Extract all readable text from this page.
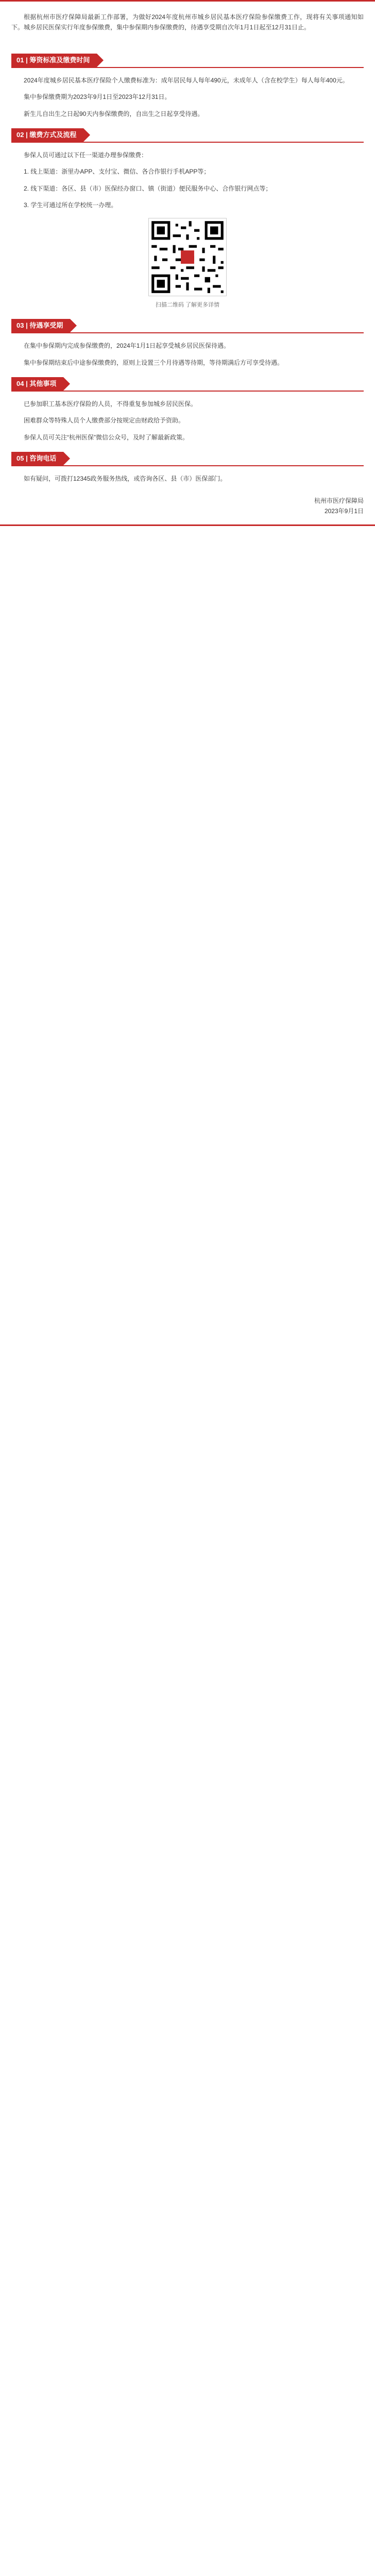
根据杭州市医疗保障局最新工作部署，为做好2024年度杭州市城乡居民基本医疗保险参保缴费工作，现将有关事项通知如下。城乡居民医保实行年度参保缴费，集中参保期内参保缴费的，待遇享受期自次年1月1日起至12月31日止。

01 | 筹资标准及缴费时间

2024年度城乡居民基本医疗保险个人缴费标准为：成年居民每人每年490元，未成年人（含在校学生）每人每年400元。

集中参保缴费期为2023年9月1日至2023年12月31日。

新生儿自出生之日起90天内参保缴费的，自出生之日起享受待遇。

02 | 缴费方式及流程

参保人员可通过以下任一渠道办理参保缴费：

1. 线上渠道：浙里办APP、支付宝、微信、各合作银行手机APP等；

2. 线下渠道：各区、县（市）医保经办窗口、镇（街道）便民服务中心、合作银行网点等；

3. 学生可通过所在学校统一办理。

扫描二维码 了解更多详情
03 | 待遇享受期

在集中参保期内完成参保缴费的，2024年1月1日起享受城乡居民医保待遇。

集中参保期结束后中途参保缴费的，原则上设置三个月待遇等待期，等待期满后方可享受待遇。

04 | 其他事项

已参加职工基本医疗保险的人员，不得重复参加城乡居民医保。

困难群众等特殊人员个人缴费部分按规定由财政给予资助。

参保人员可关注“杭州医保”微信公众号，及时了解最新政策。

05 | 咨询电话

如有疑问，可拨打12345政务服务热线，或咨询各区、县（市）医保部门。

杭州市医疗保障局
2023年9月1日
